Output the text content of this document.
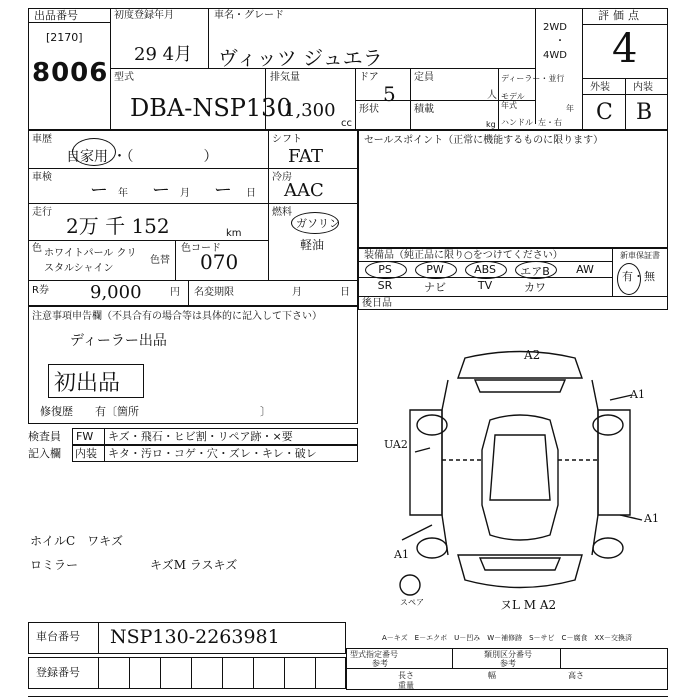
出品番号
[2170]
8006
初度登録年月
29 4月
車名・グレード
ヴィッツ ジュエラ
2WD
・
4WD
評価点
4
型式
DBA-NSP130
排気量
1,300
cc
ドア
5
定員
人
形状	積載
kg
ディーラー・並行
モデル年式	年
ハンドル 左・右
外装 内装
C B
車歴
自家用 ・（　　　　　）
シフト
FAT
車検
ー 年 ー 月 ー 日
冷房
AAC
走行
2万 千 152	km
燃料
ガソリン
軽油
色 ホワイトパール クリスタルシャイン
色替
色コード
070
R券 9,000	円 名変期限	月	日
注意事項申告欄（不具合有の場合等は具体的に記入して下さい）
ディーラー出品
初出品
修復歴　　有〔箇所　　　　　　　　　　　〕
セールスポイント（正常に機能するものに限ります）
装備品（純正品に限り○をつけてください）	新車保証書
有・無
後日品
PS	PW	ABS	エアB	AW
SR	ナビ	TV	カワ
検査員
記入欄
FW キズ・飛石・ヒビ割・リペア跡・×要
内装 キタ・汚ロ・コゲ・穴・ズレ・キレ・破レ
ホイルC　ワキズ
ロミラー　　　　　　キズM ラスキズ
A2
A1
UA2
A1
A1
スペア	ヌL M A2
A－キズ　E－エクボ　U－凹み　W－補修跡　S－サビ　C－腐食　XX－交換済
車台番号 NSP130-2263981
登録番号
型式指定番号
参考
類別区分番号
参考
長さ	幅	高さ
重量
